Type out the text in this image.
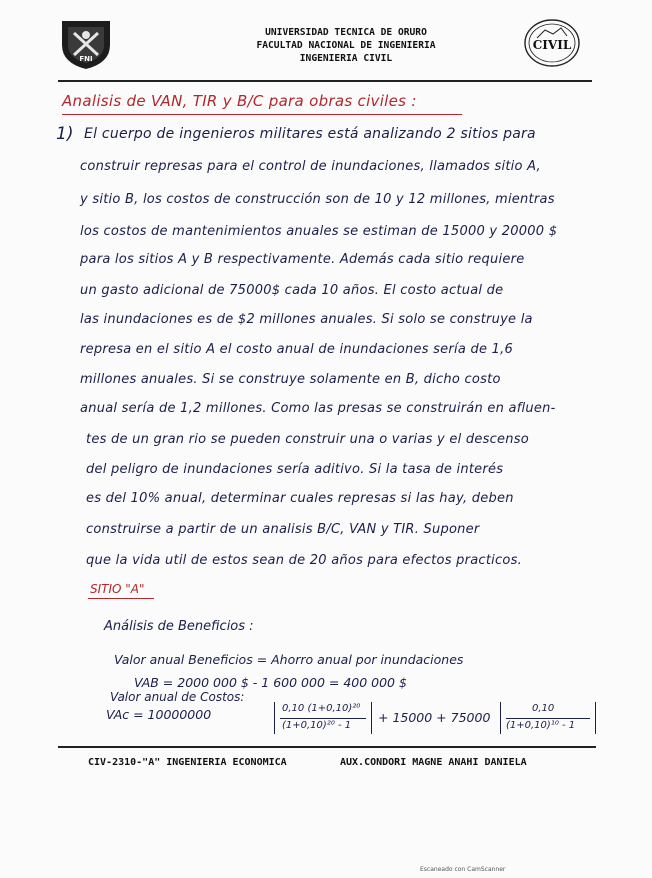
FNI
UNIVERSIDAD TECNICA DE ORURO
FACULTAD NACIONAL DE INGENIERIA
INGENIERIA CIVIL
CIVIL
Analisis de VAN, TIR y B/C para obras civiles :
1) El cuerpo de ingenieros militares está analizando 2 sitios para
construir represas para el control de inundaciones, llamados sitio A,
y sitio B, los costos de construcción son de 10 y 12 millones, mientras
los costos de mantenimientos anuales se estiman de 15000 y 20000 $
para los sitios A y B respectivamente. Además cada sitio requiere
un gasto adicional de 75000$ cada 10 años. El costo actual de
las inundaciones es de $2 millones anuales. Si solo se construye la
represa en el sitio A el costo anual de inundaciones sería de 1,6
millones anuales. Si se construye solamente en B, dicho costo
anual sería de 1,2 millones. Como las presas se construirán en afluen-
tes de un gran rio se pueden construir una o varias y el descenso
del peligro de inundaciones sería aditivo. Si la tasa de interés
es del 10% anual, determinar cuales represas si las hay, deben
construirse a partir de un analisis B/C, VAN y TIR. Suponer
que la vida util de estos sean de 20 años para efectos practicos.
SITIO "A"
Análisis de Beneficios :
Valor anual Beneficios = Ahorro anual por inundaciones
VAB = 2000 000 $ - 1 600 000 = 400 000 $
Valor anual de Costos:
VAc = 10000000	0,10 (1+0,10)²⁰
(1+0,10)²⁰ - 1
+ 15000 + 75000
0,10
(1+0,10)¹⁰ - 1
CIV-2310-"A" INGENIERIA ECONOMICA	AUX.CONDORI MAGNE ANAHI DANIELA
Escaneado con CamScanner
